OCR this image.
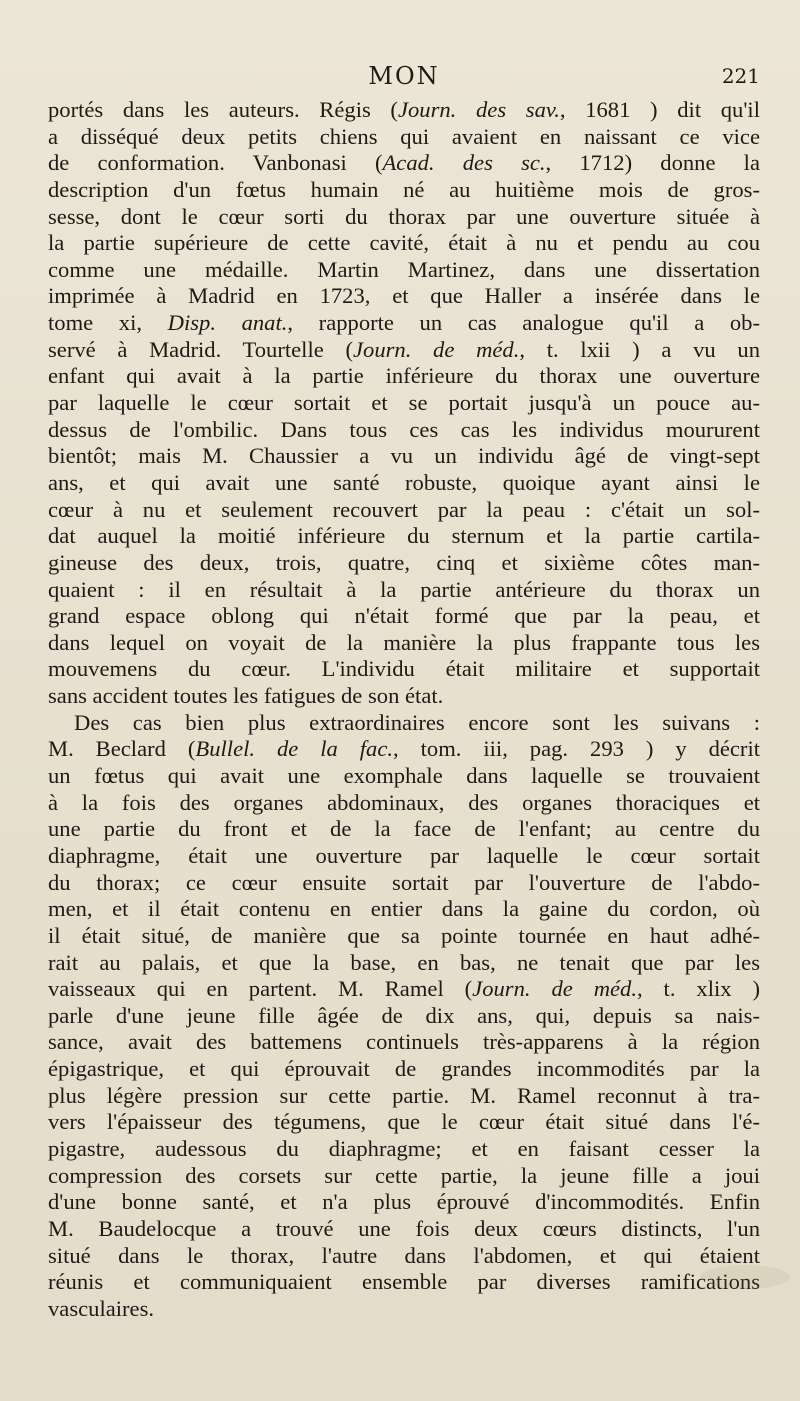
MON	221
portés dans les auteurs. Régis (Journ. des sav., 1681 ) dit qu'il
a disséqué deux petits chiens qui avaient en naissant ce vice
de conformation. Vanbonasi (Acad. des sc., 1712) donne la
description d'un fœtus humain né au huitième mois de gros-
sesse, dont le cœur sorti du thorax par une ouverture située à
la partie supérieure de cette cavité, était à nu et pendu au cou
comme une médaille. Martin Martinez, dans une dissertation
imprimée à Madrid en 1723, et que Haller a insérée dans le
tome xi, Disp. anat., rapporte un cas analogue qu'il a ob-
servé à Madrid. Tourtelle (Journ. de méd., t. lxii ) a vu un
enfant qui avait à la partie inférieure du thorax une ouverture
par laquelle le cœur sortait et se portait jusqu'à un pouce au-
dessus de l'ombilic. Dans tous ces cas les individus moururent
bientôt; mais M. Chaussier a vu un individu âgé de vingt-sept
ans, et qui avait une santé robuste, quoique ayant ainsi le
cœur à nu et seulement recouvert par la peau : c'était un sol-
dat auquel la moitié inférieure du sternum et la partie cartila-
gineuse des deux, trois, quatre, cinq et sixième côtes man-
quaient : il en résultait à la partie antérieure du thorax un
grand espace oblong qui n'était formé que par la peau, et
dans lequel on voyait de la manière la plus frappante tous les
mouvemens du cœur. L'individu était militaire et supportait
sans accident toutes les fatigues de son état.
Des cas bien plus extraordinaires encore sont les suivans :
M. Beclard (Bullel. de la fac., tom. iii, pag. 293 ) y décrit
un fœtus qui avait une exomphale dans laquelle se trouvaient
à la fois des organes abdominaux, des organes thoraciques et
une partie du front et de la face de l'enfant; au centre du
diaphragme, était une ouverture par laquelle le cœur sortait
du thorax; ce cœur ensuite sortait par l'ouverture de l'abdo-
men, et il était contenu en entier dans la gaine du cordon, où
il était situé, de manière que sa pointe tournée en haut adhé-
rait au palais, et que la base, en bas, ne tenait que par les
vaisseaux qui en partent. M. Ramel (Journ. de méd., t. xlix )
parle d'une jeune fille âgée de dix ans, qui, depuis sa nais-
sance, avait des battemens continuels très-apparens à la région
épigastrique, et qui éprouvait de grandes incommodités par la
plus légère pression sur cette partie. M. Ramel reconnut à tra-
vers l'épaisseur des tégumens, que le cœur était situé dans l'é-
pigastre, audessous du diaphragme; et en faisant cesser la
compression des corsets sur cette partie, la jeune fille a joui
d'une bonne santé, et n'a plus éprouvé d'incommodités. Enfin
M. Baudelocque a trouvé une fois deux cœurs distincts, l'un
situé dans le thorax, l'autre dans l'abdomen, et qui étaient
réunis et communiquaient ensemble par diverses ramifications
vasculaires.
